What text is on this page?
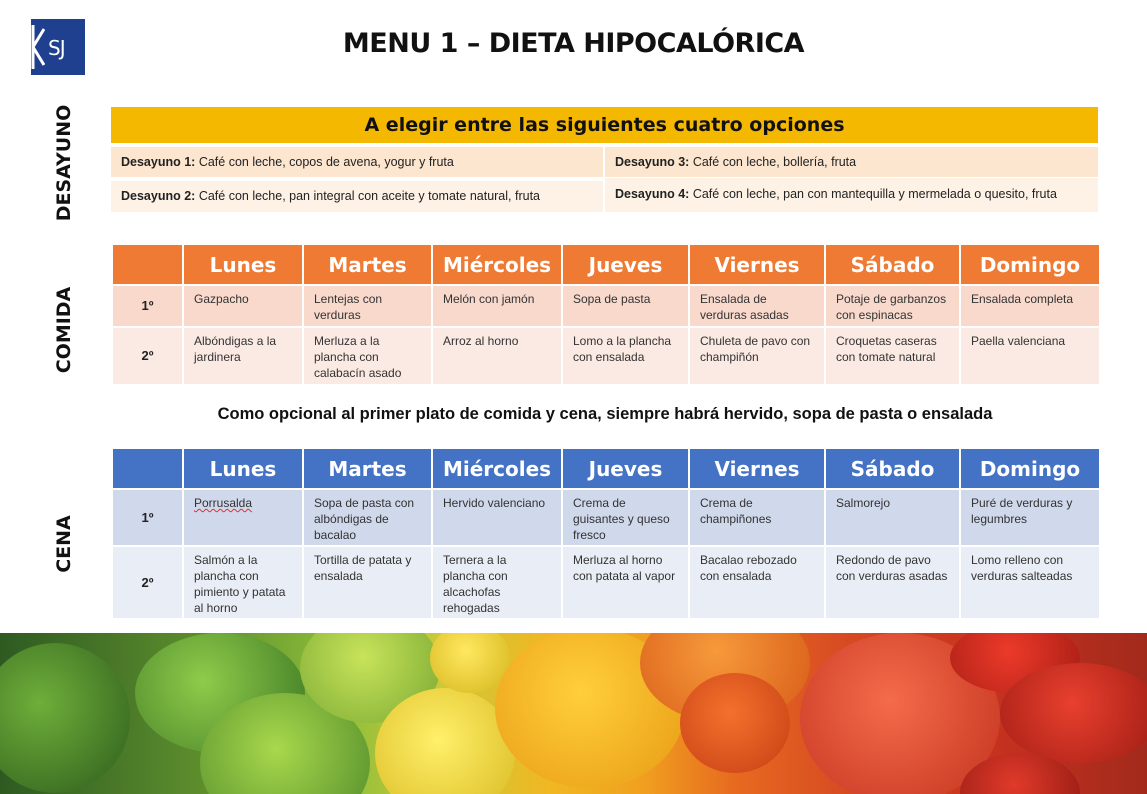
SJ	MENU 1 – DIETA HIPOCALÓRICA
DESAYUNO
COMIDA
CENA
A elegir entre las siguientes cuatro opciones
Desayuno 1: Café con leche, copos de avena, yogur y fruta
Desayuno 2: Café con leche, pan integral con aceite y tomate natural, fruta
Desayuno 3: Café con leche, bollería, fruta
Desayuno 4: Café con leche, pan con mantequilla y mermelada o quesito, fruta
	Lunes	Martes	Miércoles	Jueves	Viernes	Sábado	Domingo
1º	Gazpacho	Lentejas con verduras	Melón con jamón	Sopa de pasta	Ensalada de verduras asadas	Potaje de garbanzos con espinacas	Ensalada completa
2º	Albóndigas a la jardinera	Merluza a la plancha con calabacín asado	Arroz al horno	Lomo a la plancha con ensalada	Chuleta de pavo con champiñón	Croquetas caseras con tomate natural	Paella valenciana
Como opcional al primer plato de comida y cena, siempre habrá hervido, sopa de pasta o ensalada
	Lunes	Martes	Miércoles	Jueves	Viernes	Sábado	Domingo
1º	Porrusalda	Sopa de pasta con albóndigas de bacalao	Hervido valenciano	Crema de guisantes y queso fresco	Crema de champiñones	Salmorejo	Puré de verduras y legumbres
2º	Salmón a la plancha con pimiento y patata al horno	Tortilla de patata y ensalada	Ternera a la plancha con alcachofas rehogadas	Merluza al horno con patata al vapor	Bacalao rebozado con ensalada	Redondo de pavo con verduras asadas	Lomo relleno con verduras salteadas
